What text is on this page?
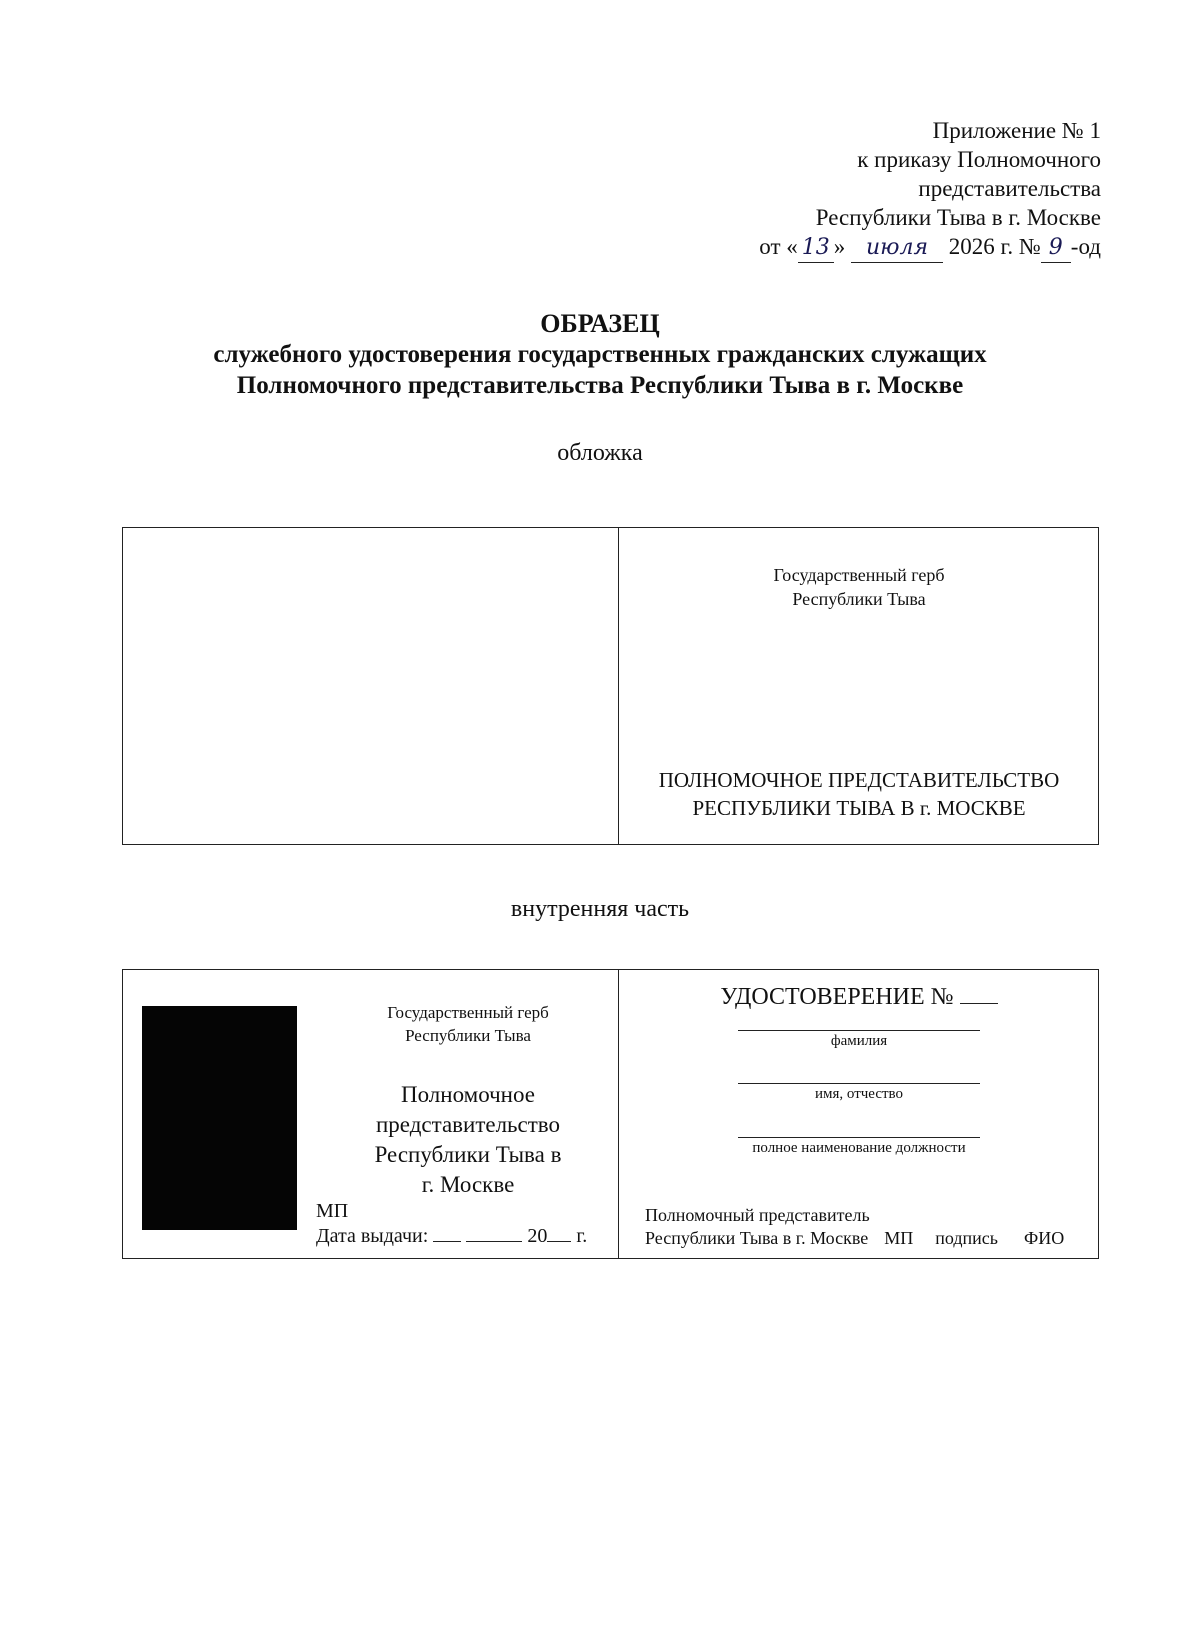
Приложение № 1
к приказу Полномочного
представительства
Республики Тыва в г. Москве
от « 13 » июля 2026 г. № 9 -од
ОБРАЗЕЦ
служебного удостоверения государственных гражданских служащих
Полномочного представительства Республики Тыва в г. Москве
обложка
Государственный герб
Республики Тыва
ПОЛНОМОЧНОЕ ПРЕДСТАВИТЕЛЬСТВО
РЕСПУБЛИКИ ТЫВА В г. МОСКВЕ
внутренняя часть
Государственный герб
Республики Тыва
Полномочное
представительство
Республики Тыва в
г. Москве
МП
Дата выдачи:	20 г.
УДОСТОВЕРЕНИЕ №
фамилия
имя, отчество
полное наименование должности
Полномочный представитель
Республики Тыва в г. Москве МП подпись ФИО
